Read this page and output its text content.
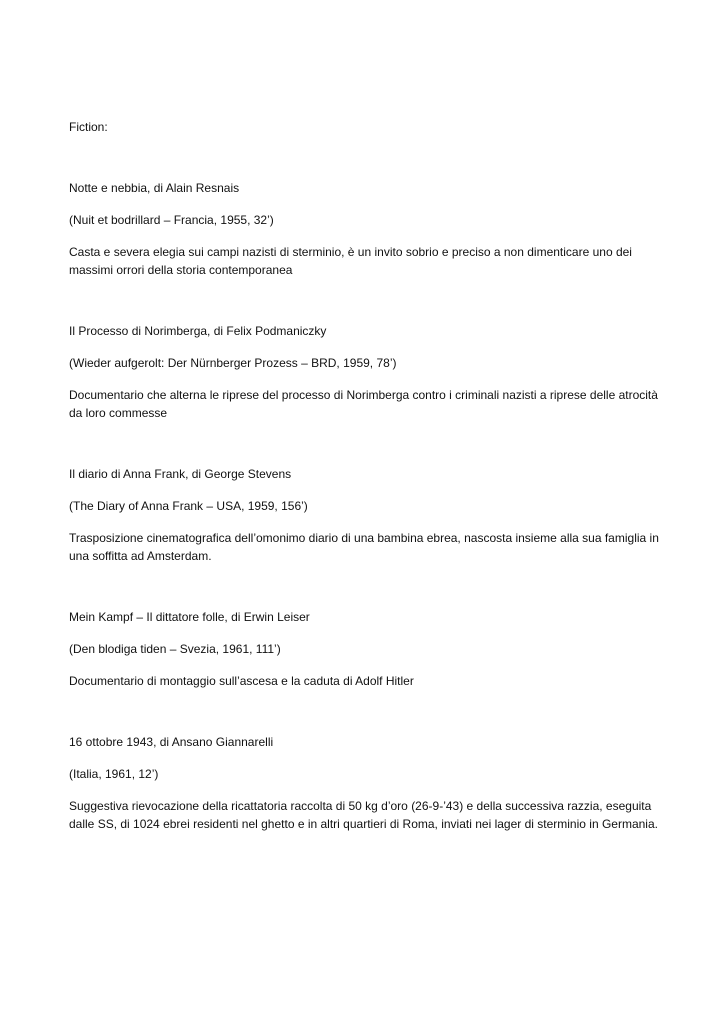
Fiction:

Notte e nebbia, di Alain Resnais

(Nuit et bodrillard – Francia, 1955, 32’)

Casta e severa elegia sui campi nazisti di sterminio, è un invito sobrio e preciso a non dimenticare uno dei massimi orrori della storia contemporanea

Il Processo di Norimberga, di Felix Podmaniczky

(Wieder aufgerolt: Der Nürnberger Prozess – BRD, 1959, 78’)

Documentario che alterna le riprese del processo di Norimberga contro i criminali nazisti a riprese delle atrocità da loro commesse

Il diario di Anna Frank, di George Stevens

(The Diary of Anna Frank – USA, 1959, 156’)

Trasposizione cinematografica dell’omonimo diario di una bambina ebrea, nascosta insieme alla sua famiglia in una soffitta ad Amsterdam.

Mein Kampf – Il dittatore folle, di Erwin Leiser

(Den blodiga tiden – Svezia, 1961, 111’)

Documentario di montaggio sull’ascesa e la caduta di Adolf Hitler

16 ottobre 1943, di Ansano Giannarelli

(Italia, 1961, 12’)

Suggestiva rievocazione della ricattatoria raccolta di 50 kg d’oro (26-9-’43) e della successiva razzia, eseguita dalle SS, di 1024 ebrei residenti nel ghetto e in altri quartieri di Roma, inviati nei lager di sterminio in Germania.
